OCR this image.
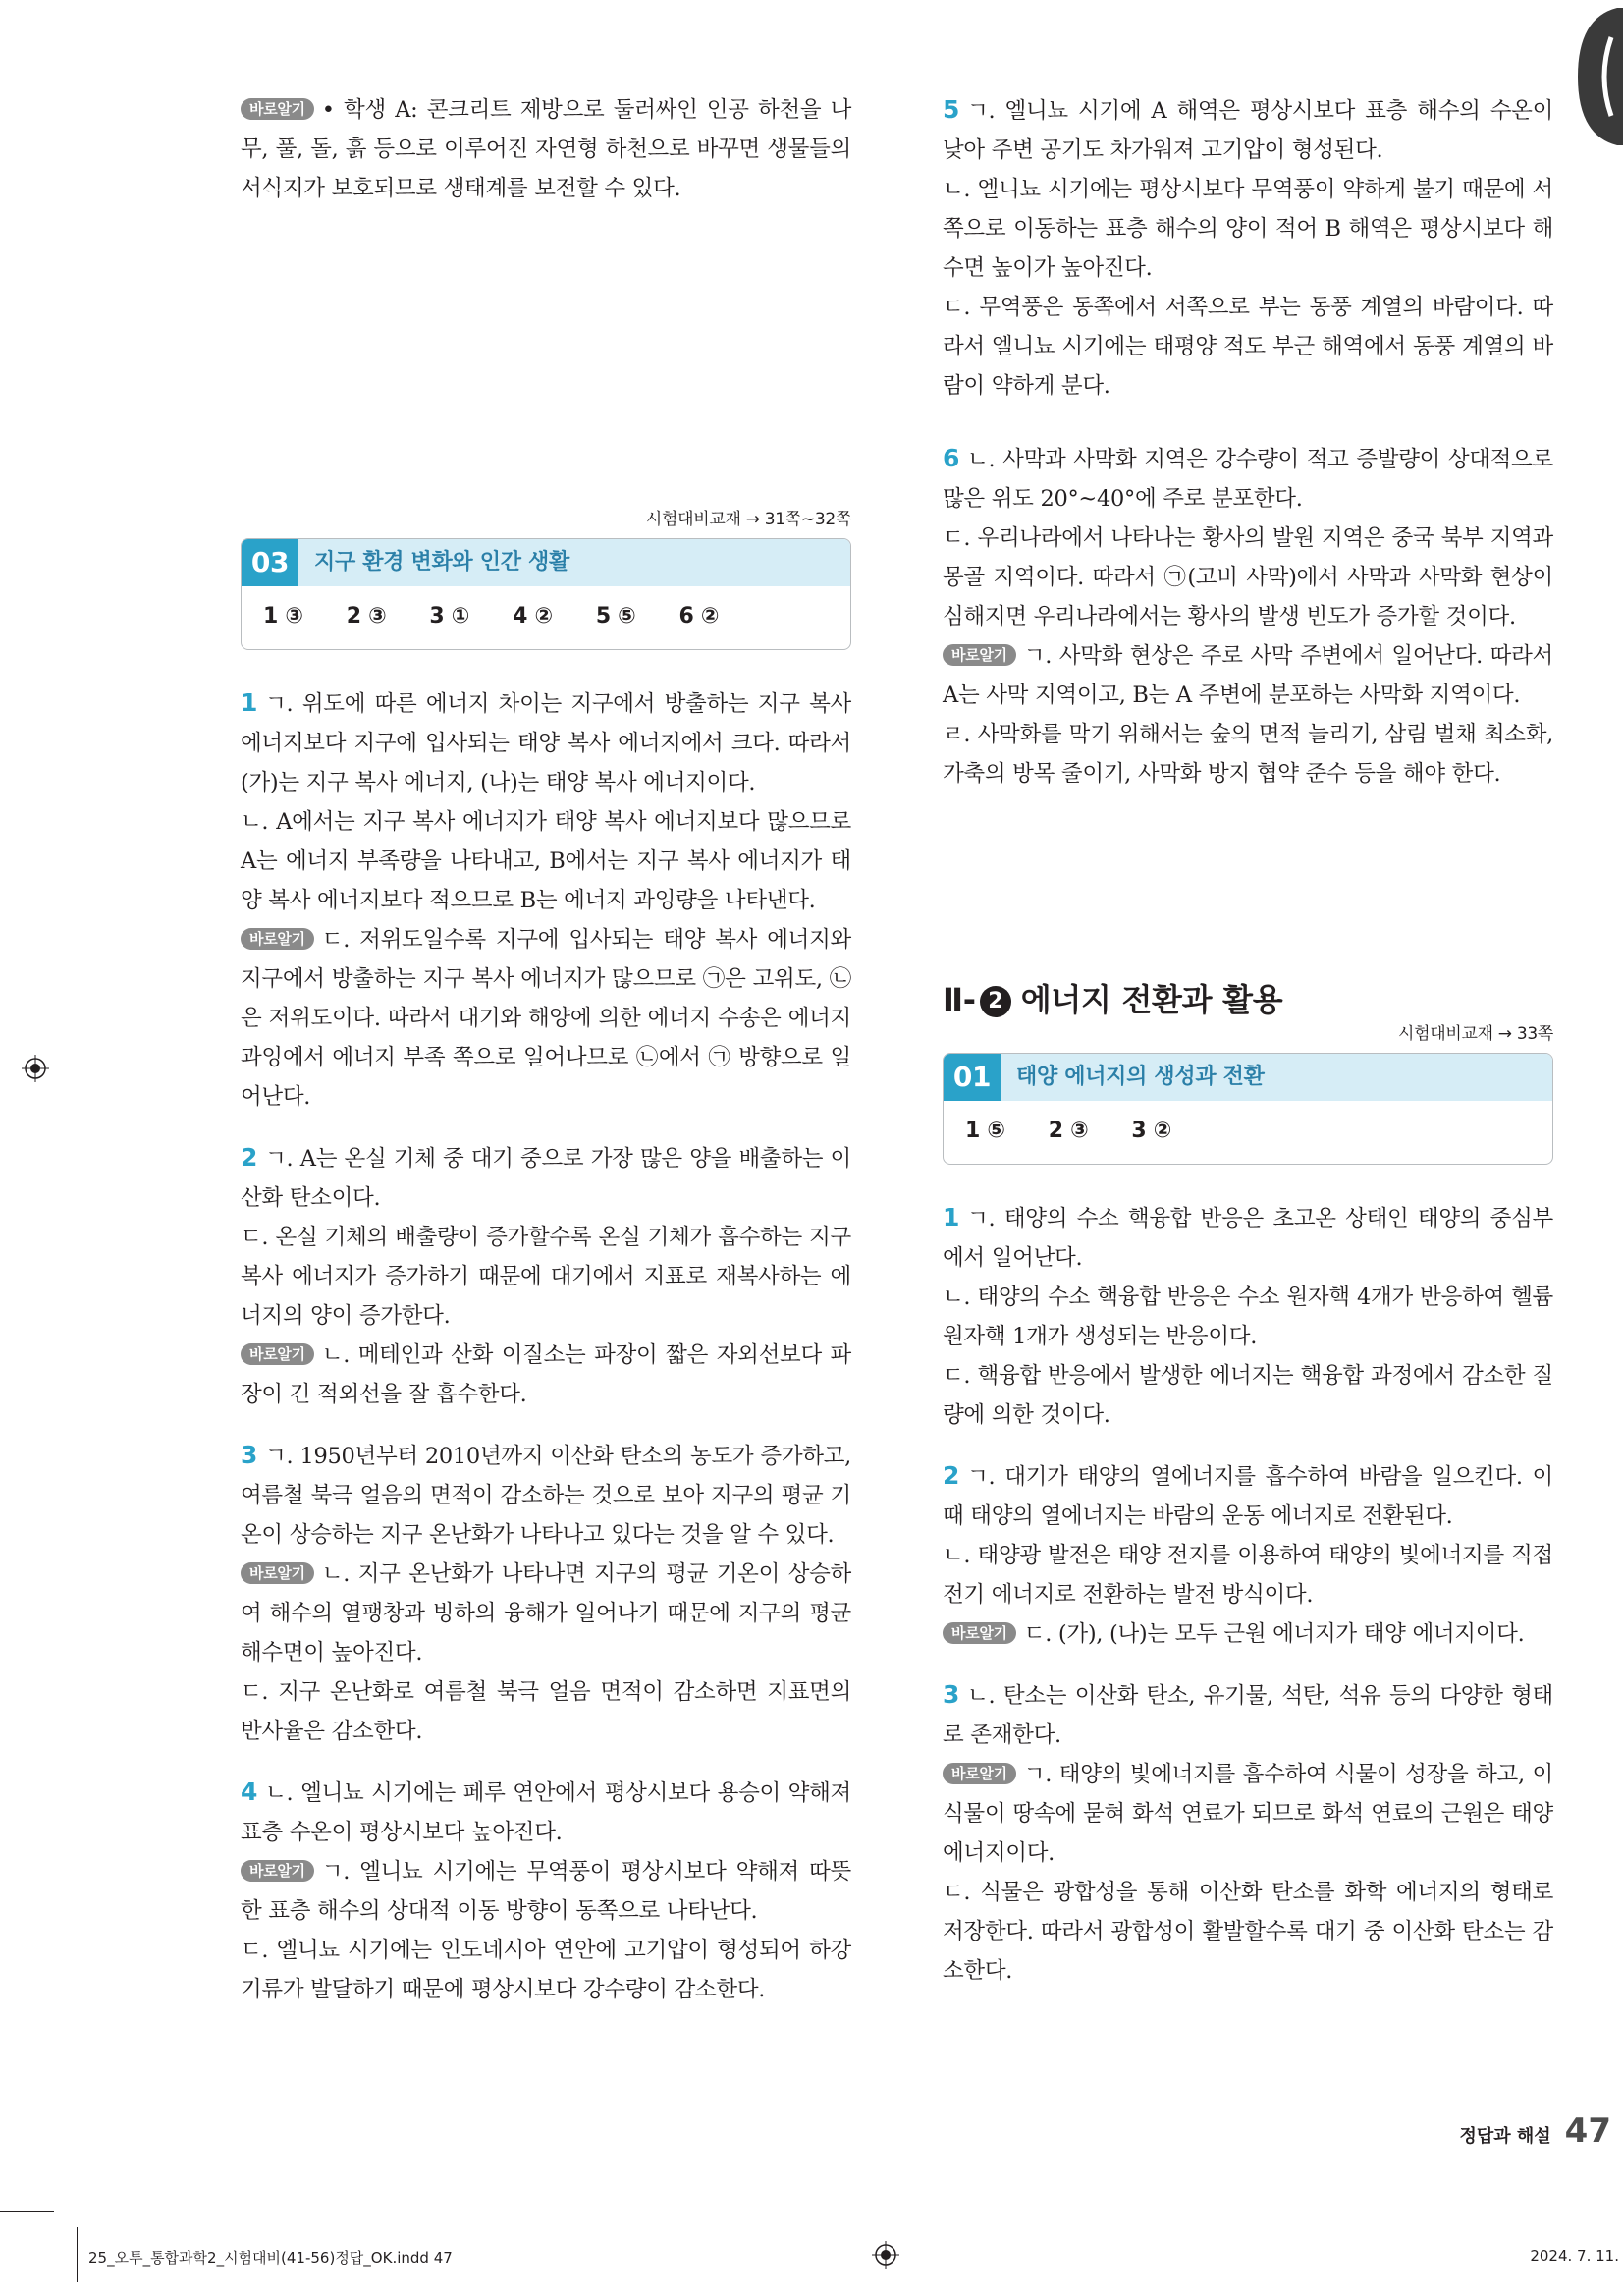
바로알기 • 학생 A: 콘크리트 제방으로 둘러싸인 인공 하천을 나무, 풀, 돌, 흙 등으로 이루어진 자연형 하천으로 바꾸면 생물들의 서식지가 보호되므로 생태계를 보전할 수 있다.

시험대비교재 → 31쪽~32쪽
03	지구 환경 변화와 인간 생활
1 ③ 2 ③ 3 ① 4 ② 5 ⑤ 6 ②

1 ㄱ. 위도에 따른 에너지 차이는 지구에서 방출하는 지구 복사 에너지보다 지구에 입사되는 태양 복사 에너지에서 크다. 따라서 (가)는 지구 복사 에너지, (나)는 태양 복사 에너지이다.

ㄴ. A에서는 지구 복사 에너지가 태양 복사 에너지보다 많으므로 A는 에너지 부족량을 나타내고, B에서는 지구 복사 에너지가 태양 복사 에너지보다 적으므로 B는 에너지 과잉량을 나타낸다.

바로알기 ㄷ. 저위도일수록 지구에 입사되는 태양 복사 에너지와 지구에서 방출하는 지구 복사 에너지가 많으므로 ㉠은 고위도, ㉡은 저위도이다. 따라서 대기와 해양에 의한 에너지 수송은 에너지 과잉에서 에너지 부족 쪽으로 일어나므로 ㉡에서 ㉠ 방향으로 일어난다.

2 ㄱ. A는 온실 기체 중 대기 중으로 가장 많은 양을 배출하는 이산화 탄소이다.

ㄷ. 온실 기체의 배출량이 증가할수록 온실 기체가 흡수하는 지구 복사 에너지가 증가하기 때문에 대기에서 지표로 재복사하는 에너지의 양이 증가한다.

바로알기 ㄴ. 메테인과 산화 이질소는 파장이 짧은 자외선보다 파장이 긴 적외선을 잘 흡수한다.

3 ㄱ. 1950년부터 2010년까지 이산화 탄소의 농도가 증가하고, 여름철 북극 얼음의 면적이 감소하는 것으로 보아 지구의 평균 기온이 상승하는 지구 온난화가 나타나고 있다는 것을 알 수 있다.

바로알기 ㄴ. 지구 온난화가 나타나면 지구의 평균 기온이 상승하여 해수의 열팽창과 빙하의 융해가 일어나기 때문에 지구의 평균 해수면이 높아진다.

ㄷ. 지구 온난화로 여름철 북극 얼음 면적이 감소하면 지표면의 반사율은 감소한다.

4 ㄴ. 엘니뇨 시기에는 페루 연안에서 평상시보다 용승이 약해져 표층 수온이 평상시보다 높아진다.

바로알기 ㄱ. 엘니뇨 시기에는 무역풍이 평상시보다 약해져 따뜻한 표층 해수의 상대적 이동 방향이 동쪽으로 나타난다.

ㄷ. 엘니뇨 시기에는 인도네시아 연안에 고기압이 형성되어 하강 기류가 발달하기 때문에 평상시보다 강수량이 감소한다.

5 ㄱ. 엘니뇨 시기에 A 해역은 평상시보다 표층 해수의 수온이 낮아 주변 공기도 차가워져 고기압이 형성된다.

ㄴ. 엘니뇨 시기에는 평상시보다 무역풍이 약하게 불기 때문에 서쪽으로 이동하는 표층 해수의 양이 적어 B 해역은 평상시보다 해수면 높이가 높아진다.

ㄷ. 무역풍은 동쪽에서 서쪽으로 부는 동풍 계열의 바람이다. 따라서 엘니뇨 시기에는 태평양 적도 부근 해역에서 동풍 계열의 바람이 약하게 분다.

6 ㄴ. 사막과 사막화 지역은 강수량이 적고 증발량이 상대적으로 많은 위도 20°~40°에 주로 분포한다.

ㄷ. 우리나라에서 나타나는 황사의 발원 지역은 중국 북부 지역과 몽골 지역이다. 따라서 ㉠(고비 사막)에서 사막과 사막화 현상이 심해지면 우리나라에서는 황사의 발생 빈도가 증가할 것이다.

바로알기 ㄱ. 사막화 현상은 주로 사막 주변에서 일어난다. 따라서 A는 사막 지역이고, B는 A 주변에 분포하는 사막화 지역이다.

ㄹ. 사막화를 막기 위해서는 숲의 면적 늘리기, 삼림 벌채 최소화, 가축의 방목 줄이기, 사막화 방지 협약 준수 등을 해야 한다.

Ⅱ- 2 에너지 전환과 활용

시험대비교재 → 33쪽
01	태양 에너지의 생성과 전환
1 ⑤ 2 ③ 3 ②

1 ㄱ. 태양의 수소 핵융합 반응은 초고온 상태인 태양의 중심부에서 일어난다.

ㄴ. 태양의 수소 핵융합 반응은 수소 원자핵 4개가 반응하여 헬륨 원자핵 1개가 생성되는 반응이다.

ㄷ. 핵융합 반응에서 발생한 에너지는 핵융합 과정에서 감소한 질량에 의한 것이다.

2 ㄱ. 대기가 태양의 열에너지를 흡수하여 바람을 일으킨다. 이때 태양의 열에너지는 바람의 운동 에너지로 전환된다.

ㄴ. 태양광 발전은 태양 전지를 이용하여 태양의 빛에너지를 직접 전기 에너지로 전환하는 발전 방식이다.

바로알기 ㄷ. (가), (나)는 모두 근원 에너지가 태양 에너지이다.

3 ㄴ. 탄소는 이산화 탄소, 유기물, 석탄, 석유 등의 다양한 형태로 존재한다.

바로알기 ㄱ. 태양의 빛에너지를 흡수하여 식물이 성장을 하고, 이 식물이 땅속에 묻혀 화석 연료가 되므로 화석 연료의 근원은 태양 에너지이다.

ㄷ. 식물은 광합성을 통해 이산화 탄소를 화학 에너지의 형태로 저장한다. 따라서 광합성이 활발할수록 대기 중 이산화 탄소는 감소한다.

정답과 해설 47
25_오투_통합과학2_시험대비(41-56)정답_OK.indd 47	2024. 7. 11.
